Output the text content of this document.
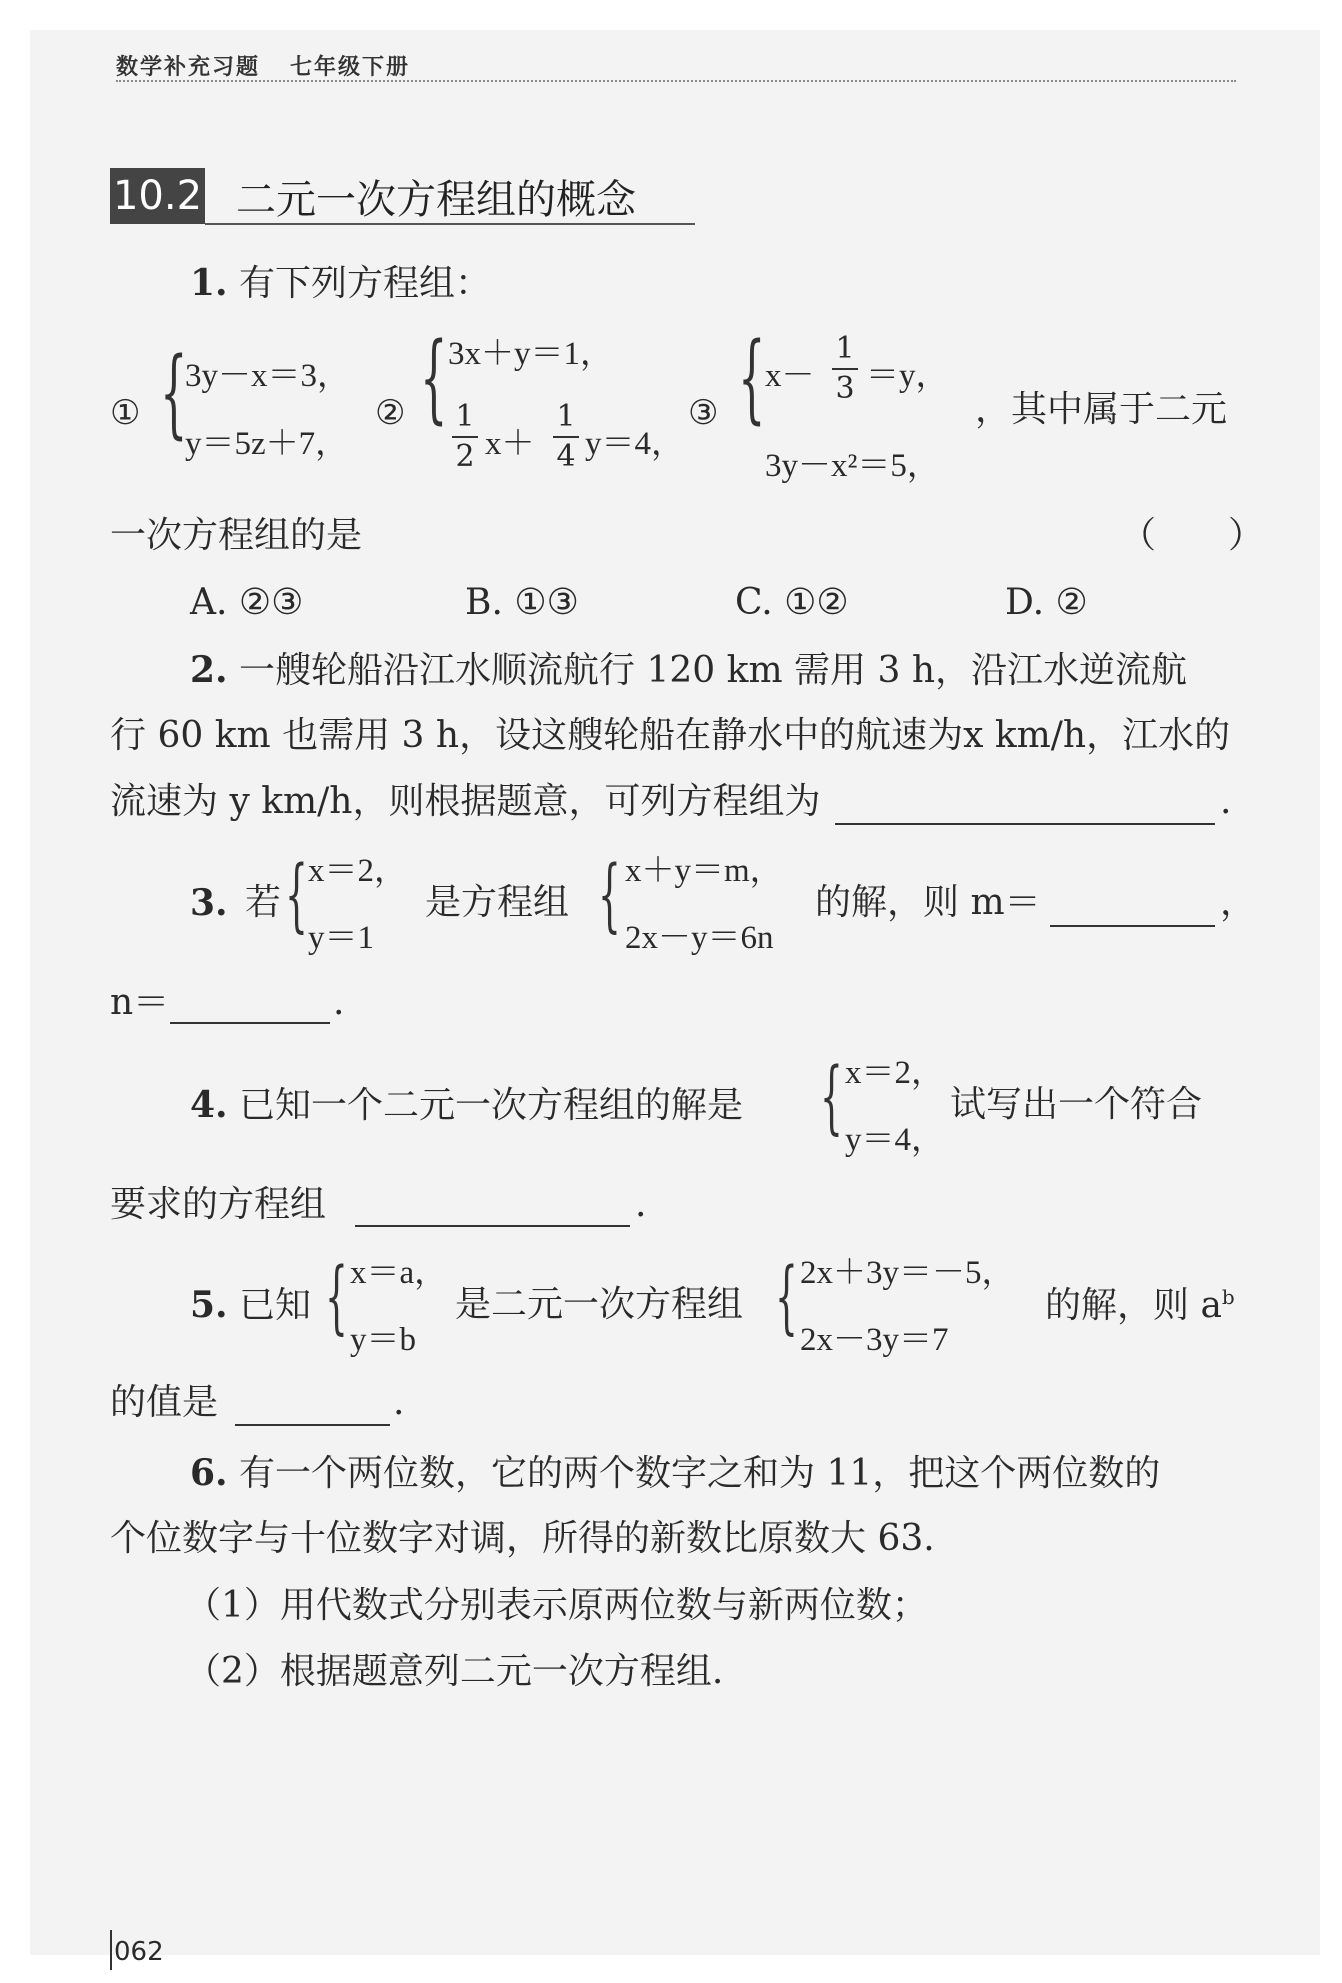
数学补充习题 七年级下册
10.2 二元一次方程组的概念
1. 有下列方程组：
① {
3y－x＝3，
y＝5z＋7，
② { 3x＋y＝1，
1
2 x＋
1
4 y＝4，
③ { x－
1
3 ＝y，
3y－x²＝5，
，其中属于二元
一次方程组的是	（　　）
A. ②③	B. ①③	C. ①②	D. ②
2. 一艘轮船沿江水顺流航行 120 km 需用 3 h，沿江水逆流航
行 60 km 也需用 3 h，设这艘轮船在静水中的航速为x km/h，江水的
流速为 y km/h，则根据题意，可列方程组为	.
3. 若 { x＝2，
y＝1
是方程组 { x＋y＝m，
2x－y＝6n
的解，则 m＝	，
n＝	.
4. 已知一个二元一次方程组的解是 { x＝2，
y＝4，
试写出一个符合
要求的方程组	.
5. 已知 { x＝a，
y＝b
是二元一次方程组 { 2x＋3y＝－5，
2x－3y＝7
的解，则 $a^b$
的值是	.
6. 有一个两位数，它的两个数字之和为 11，把这个两位数的
个位数字与十位数字对调，所得的新数比原数大 63.
（1）用代数式分别表示原两位数与新两位数；
（2）根据题意列二元一次方程组.
062
